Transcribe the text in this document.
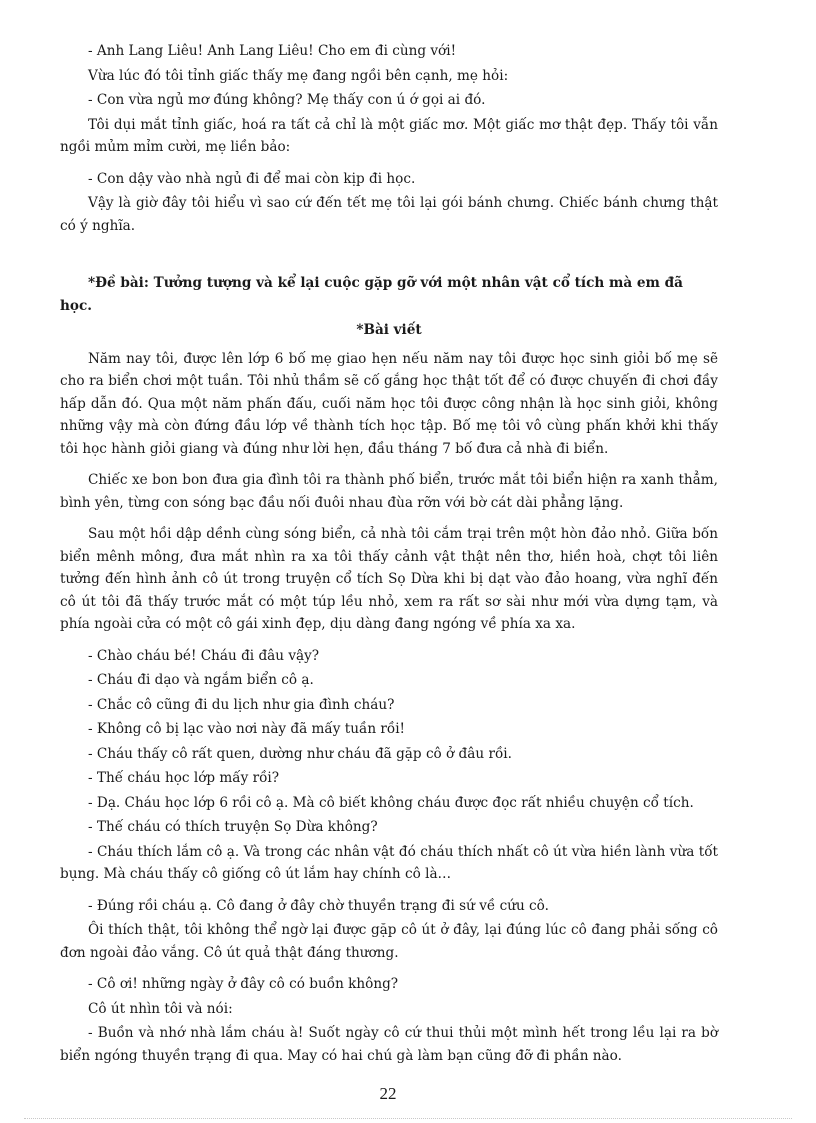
- Anh Lang Liêu! Anh Lang Liêu! Cho em đi cùng với!

Vừa lúc đó tôi tỉnh giấc thấy mẹ đang ngồi bên cạnh, mẹ hỏi:

- Con vừa ngủ mơ đúng không? Mẹ thấy con ú ớ gọi ai đó.

Tôi dụi mắt tỉnh giấc, hoá ra tất cả chỉ là một giấc mơ. Một giấc mơ thật đẹp. Thấy tôi vẫn ngồi mủm mỉm cười, mẹ liền bảo:

- Con dậy vào nhà ngủ đi để mai còn kịp đi học.

Vậy là giờ đây tôi hiểu vì sao cứ đến tết mẹ tôi lại gói bánh chưng. Chiếc bánh chưng thật có ý nghĩa.

*Đề bài: Tưởng tượng và kể lại cuộc gặp gỡ với một nhân vật cổ tích mà em đã học.
*Bài viết

Năm nay tôi, được lên lớp 6 bố mẹ giao hẹn nếu năm nay tôi được học sinh giỏi bố mẹ sẽ cho ra biển chơi một tuần. Tôi nhủ thầm sẽ cố gắng học thật tốt để có được chuyến đi chơi đầy hấp dẫn đó. Qua một năm phấn đấu, cuối năm học tôi được công nhận là học sinh giỏi, không những vậy mà còn đứng đầu lớp về thành tích học tập. Bố mẹ tôi vô cùng phấn khởi khi thấy tôi học hành giỏi giang và đúng như lời hẹn, đầu tháng 7 bố đưa cả nhà đi biển.

Chiếc xe bon bon đưa gia đình tôi ra thành phố biển, trước mắt tôi biển hiện ra xanh thẳm, bình yên, từng con sóng bạc đầu nối đuôi nhau đùa rỡn với bờ cát dài phẳng lặng.

Sau một hồi dập dềnh cùng sóng biển, cả nhà tôi cắm trại trên một hòn đảo nhỏ. Giữa bốn biển mênh mông, đưa mắt nhìn ra xa tôi thấy cảnh vật thật nên thơ, hiền hoà, chợt tôi liên tưởng đến hình ảnh cô út trong truyện cổ tích Sọ Dừa khi bị dạt vào đảo hoang, vừa nghĩ đến cô út tôi đã thấy trước mắt có một túp lều nhỏ, xem ra rất sơ sài như mới vừa dựng tạm, và phía ngoài cửa có một cô gái xinh đẹp, dịu dàng đang ngóng về phía xa xa.

- Chào cháu bé! Cháu đi đâu vậy?

- Cháu đi dạo và ngắm biển cô ạ.

- Chắc cô cũng đi du lịch như gia đình cháu?

- Không cô bị lạc vào nơi này đã mấy tuần rồi!

- Cháu thấy cô rất quen, dường như cháu đã gặp cô ở đâu rồi.

- Thế cháu học lớp mấy rồi?

- Dạ. Cháu học lớp 6 rồi cô ạ. Mà cô biết không cháu được đọc rất nhiều chuyện cổ tích.

- Thế cháu có thích truyện Sọ Dừa không?

- Cháu thích lắm cô ạ. Và trong các nhân vật đó cháu thích nhất cô út vừa hiền lành vừa tốt bụng. Mà cháu thấy cô giống cô út lắm hay chính cô là…

- Đúng rồi cháu ạ. Cô đang ở đây chờ thuyền trạng đi sứ về cứu cô.

Ôi thích thật, tôi không thể ngờ lại được gặp cô út ở đây, lại đúng lúc cô đang phải sống cô đơn ngoài đảo vắng. Cô út quả thật đáng thương.

- Cô ơi! những ngày ở đây cô có buồn không?

Cô út nhìn tôi và nói:

- Buồn và nhớ nhà lắm cháu à! Suốt ngày cô cứ thui thủi một mình hết trong lều lại ra bờ biển ngóng thuyền trạng đi qua. May có hai chú gà làm bạn cũng đỡ đi phần nào.

22
